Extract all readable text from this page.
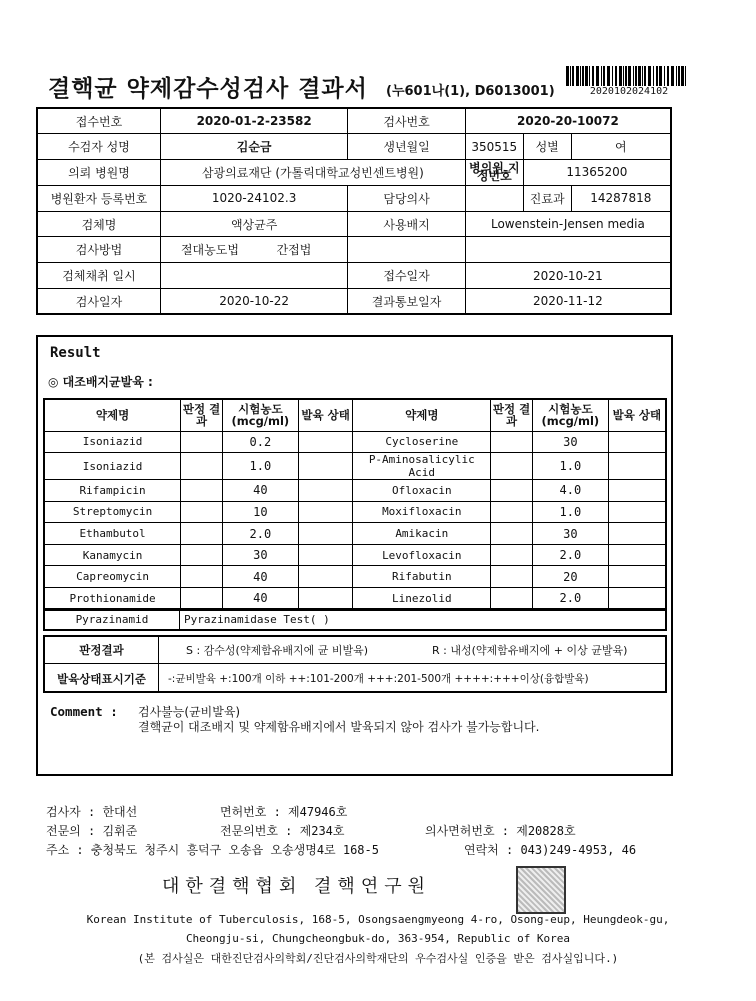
결핵균 약제감수성검사 결과서 (누601나(1), D6013001)	2020102024102
접수번호	2020-01-2-23582	검사번호	2020-20-10072		
수검자 성명	김순금	생년월일	350515	성별	여
의뢰 병원명	삼광의료재단 (가톨릭대학교성빈센트병원)		병의원 지정번호	11365200	
병원환자 등록번호	1020-24102.3	담당의사		진료과	14287818
검체명	액상균주	사용배지	Lowenstein-Jensen media		
검사방법	절대농도법 간접법				
검체채취 일시		접수일자	2020-10-21		
검사일자	2020-10-22	결과통보일자	2020-11-12		
Result
◎ 대조배지균발육 :
약제명	판정 결과	시험농도 (mcg/ml)	발육 상태	약제명	판정 결과	시험농도 (mcg/ml)	발육 상태
Isoniazid		0.2		Cycloserine		30	
Isoniazid		1.0		P-Aminosalicylic Acid		1.0	
Rifampicin		40		Ofloxacin		4.0	
Streptomycin		10		Moxifloxacin		1.0	
Ethambutol		2.0		Amikacin		30	
Kanamycin		30		Levofloxacin		2.0	
Capreomycin		40		Rifabutin		20	
Prothionamide		40		Linezolid		2.0	
Pyrazinamid	Pyrazinamidase Test( )
판정결과	S : 감수성(약제함유배지에 균 비발육)	R : 내성(약제함유배지에 + 이상 균발육)
발육상태표시기준	-:균비발육 +:100개 이하 ++:101-200개 +++:201-500개 ++++:+++이상(융합발육)
Comment : 검사불능(균비발육)
결핵균이 대조배지 및 약제함유배지에서 발육되지 않아 검사가 불가능합니다.
검사자 : 한대선	면허번호 : 제47946호
전문의 : 김휘준	전문의번호 : 제234호	의사면허번호 : 제20828호
주소 : 충청북도 청주시 흥덕구 오송읍 오송생명4로 168-5	연락처 : 043)249-4953, 46
대한결핵협회 결핵연구원
Korean Institute of Tuberculosis, 168-5, Osongsaengmyeong 4-ro, Osong-eup, Heungdeok-gu,
Cheongju-si, Chungcheongbuk-do, 363-954, Republic of Korea
(본 검사실은 대한진단검사의학회/진단검사의학재단의 우수검사실 인증을 받은 검사실입니다.)
